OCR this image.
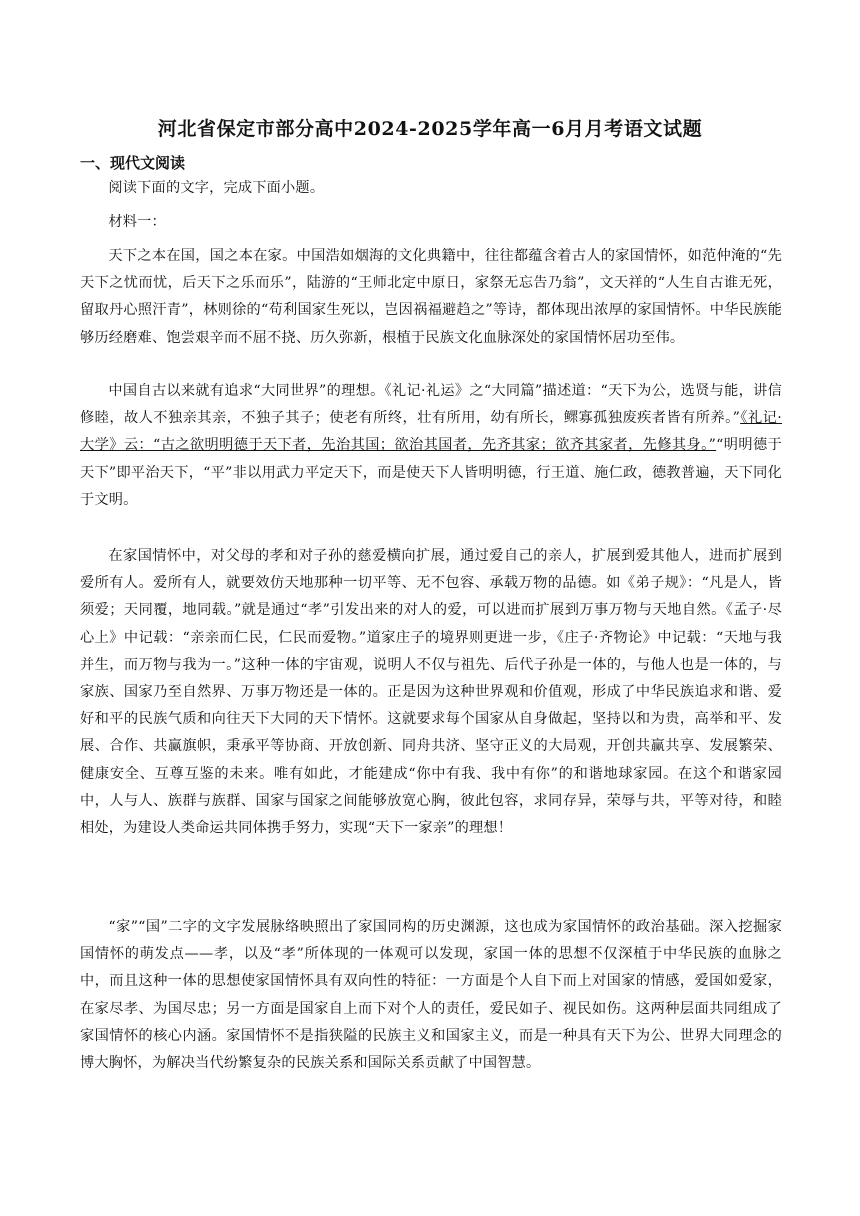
河北省保定市部分高中2024-2025学年高一6月月考语文试题
一、现代文阅读
阅读下面的文字，完成下面小题。
材料一：
天下之本在国，国之本在家。中国浩如烟海的文化典籍中，往往都蕴含着古人的家国情怀，如范仲淹的“先天下之忧而忧，后天下之乐而乐”，陆游的“王师北定中原日，家祭无忘告乃翁”，文天祥的“人生自古谁无死，留取丹心照汗青”，林则徐的“苟利国家生死以，岂因祸福避趋之”等诗，都体现出浓厚的家国情怀。中华民族能够历经磨难、饱尝艰辛而不屈不挠、历久弥新，根植于民族文化血脉深处的家国情怀居功至伟。
中国自古以来就有追求“大同世界”的理想。《礼记·礼运》之“大同篇”描述道：“天下为公，选贤与能，讲信修睦，故人不独亲其亲，不独子其子；使老有所终，壮有所用，幼有所长，鳏寡孤独废疾者皆有所养。”《礼记·大学》云：“古之欲明明德于天下者，先治其国；欲治其国者，先齐其家；欲齐其家者，先修其身。”“明明德于天下”即平治天下，“平”非以用武力平定天下，而是使天下人皆明明德，行王道、施仁政，德教普遍，天下同化于文明。
在家国情怀中，对父母的孝和对子孙的慈爱横向扩展，通过爱自己的亲人，扩展到爱其他人，进而扩展到爱所有人。爱所有人，就要效仿天地那种一切平等、无不包容、承载万物的品德。如《弟子规》：“凡是人，皆须爱；天同覆，地同载。”就是通过“孝”引发出来的对人的爱，可以进而扩展到万事万物与天地自然。《孟子·尽心上》中记载：“亲亲而仁民，仁民而爱物。”道家庄子的境界则更进一步，《庄子·齐物论》中记载：“天地与我并生，而万物与我为一。”这种一体的宇宙观，说明人不仅与祖先、后代子孙是一体的，与他人也是一体的，与家族、国家乃至自然界、万事万物还是一体的。正是因为这种世界观和价值观，形成了中华民族追求和谐、爱好和平的民族气质和向往天下大同的天下情怀。这就要求每个国家从自身做起，坚持以和为贵，高举和平、发展、合作、共赢旗帜，秉承平等协商、开放创新、同舟共济、坚守正义的大局观，开创共赢共享、发展繁荣、健康安全、互尊互鉴的未来。唯有如此，才能建成“你中有我、我中有你”的和谐地球家园。在这个和谐家园中，人与人、族群与族群、国家与国家之间能够放宽心胸，彼此包容，求同存异，荣辱与共，平等对待，和睦相处，为建设人类命运共同体携手努力，实现“天下一家亲”的理想！
“家”“国”二字的文字发展脉络映照出了家国同构的历史渊源，这也成为家国情怀的政治基础。深入挖掘家国情怀的萌发点——孝，以及“孝”所体现的一体观可以发现，家国一体的思想不仅深植于中华民族的血脉之中，而且这种一体的思想使家国情怀具有双向性的特征：一方面是个人自下而上对国家的情感，爱国如爱家，在家尽孝、为国尽忠；另一方面是国家自上而下对个人的责任，爱民如子、视民如伤。这两种层面共同组成了家国情怀的核心内涵。家国情怀不是指狭隘的民族主义和国家主义，而是一种具有天下为公、世界大同理念的博大胸怀，为解决当代纷繁复杂的民族关系和国际关系贡献了中国智慧。
